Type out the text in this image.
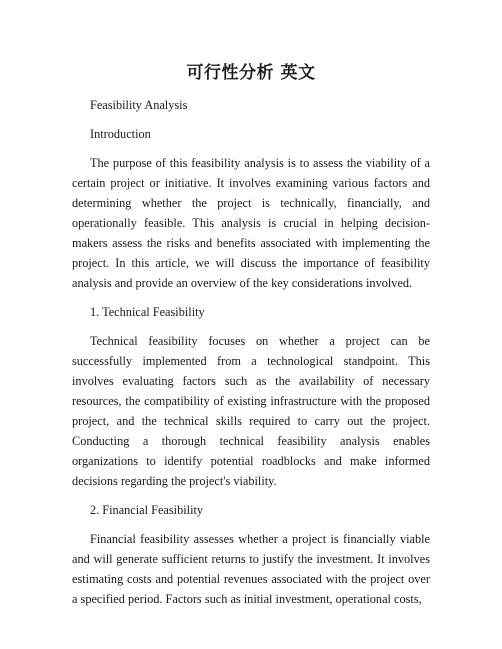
可行性分析 英文

Feasibility Analysis

Introduction

The purpose of this feasibility analysis is to assess the viability of a certain project or initiative. It involves examining various factors and determining whether the project is technically, financially, and operationally feasible. This analysis is crucial in helping decision-makers assess the risks and benefits associated with implementing the project. In this article, we will discuss the importance of feasibility analysis and provide an overview of the key considerations involved.

1. Technical Feasibility

Technical feasibility focuses on whether a project can be successfully implemented from a technological standpoint. This involves evaluating factors such as the availability of necessary resources, the compatibility of existing infrastructure with the proposed project, and the technical skills required to carry out the project. Conducting a thorough technical feasibility analysis enables organizations to identify potential roadblocks and make informed decisions regarding the project's viability.

2. Financial Feasibility

Financial feasibility assesses whether a project is financially viable and will generate sufficient returns to justify the investment. It involves estimating costs and potential revenues associated with the project over a specified period. Factors such as initial investment, operational costs,
